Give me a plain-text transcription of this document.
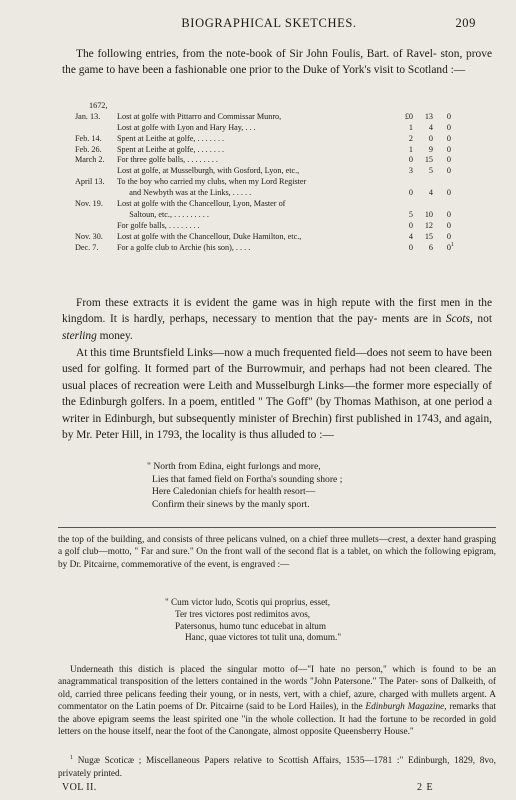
BIOGRAPHICAL SKETCHES.	209
The following entries, from the note-book of Sir John Foulis, Bart. of Ravel- ston, prove the game to have been a fashionable one prior to the Duke of York's visit to Scotland :—
1672,
Jan. 13.	Lost at golfe with Pittarro and Commissar Munro,	£0 13 0
Lost at golfe with Lyon and Hary Hay, . . .	1 4 0
Feb. 14.	Spent at Leithe at golfe, . . . . . . .	2 0 0
Feb. 26.	Spent at Leithe at golfe, . . . . . . .	1 9 0
March 2.	For three golfe balls, . . . . . . . .	0 15 0
Lost at golfe, at Musselburgh, with Gosford, Lyon, etc.,	3 5 0
April 13.	To the boy who carried my clubs, when my Lord Register
and Newbyth was at the Links, . . . . .	0 4 0
Nov. 19.	Lost at golfe with the Chancellour, Lyon, Master of
Saltoun, etc., . . . . . . . . .	5 10 0
For golfe balls, . . . . . . . .	0 12 0
Nov. 30.	Lost at golfe with the Chancellour, Duke Hamilton, etc.,	4 15 0
Dec. 7.	For a golfe club to Archie (his son), . . . .	0 6 0 1
From these extracts it is evident the game was in high repute with the first men in the kingdom. It is hardly, perhaps, necessary to mention that the pay- ments are in Scots, not sterling money.
At this time Bruntsfield Links—now a much frequented field—does not seem to have been used for golfing. It formed part of the Burrowmuir, and perhaps had not been cleared. The usual places of recreation were Leith and Musselburgh Links—the former more especially of the Edinburgh golfers. In a poem, entitled " The Goff" (by Thomas Mathison, at one period a writer in Edinburgh, but subsequently minister of Brechin) first published in 1743, and again, by Mr. Peter Hill, in 1793, the locality is thus alluded to :—
" North from Edina, eight furlongs and more,
Lies that famed field on Fortha's sounding shore ;
Here Caledonian chiefs for health resort—
Confirm their sinews by the manly sport.
the top of the building, and consists of three pelicans vulned, on a chief three mullets—crest, a dexter hand grasping a golf club—motto, " Far and sure." On the front wall of the second flat is a tablet, on which the following epigram, by Dr. Pitcairne, commemorative of the event, is engraved :—
" Cum victor ludo, Scotis qui proprius, esset,
Ter tres victores post redimitos avos,
Patersonus, humo tunc educebat in altum
Hanc, quae victores tot tulit una, domum."
Underneath this distich is placed the singular motto of—"I hate no person," which is found to be an anagrammatical transposition of the letters contained in the words "John Patersone." The Pater- sons of Dalkeith, of old, carried three pelicans feeding their young, or in nests, vert, with a chief, azure, charged with mullets argent. A commentator on the Latin poems of Dr. Pitcairne (said to be Lord Hailes), in the Edinburgh Magazine, remarks that the above epigram seems the least spirited one "in the whole collection. It had the fortune to be recorded in gold letters on the house itself, near the foot of the Canongate, almost opposite Queensberry House."
$^1$ Nugæ Scoticæ ; Miscellaneous Papers relative to Scottish Affairs, 1535—1781 :" Edinburgh, 1829, 8vo, privately printed.
VOL II.	2 E
